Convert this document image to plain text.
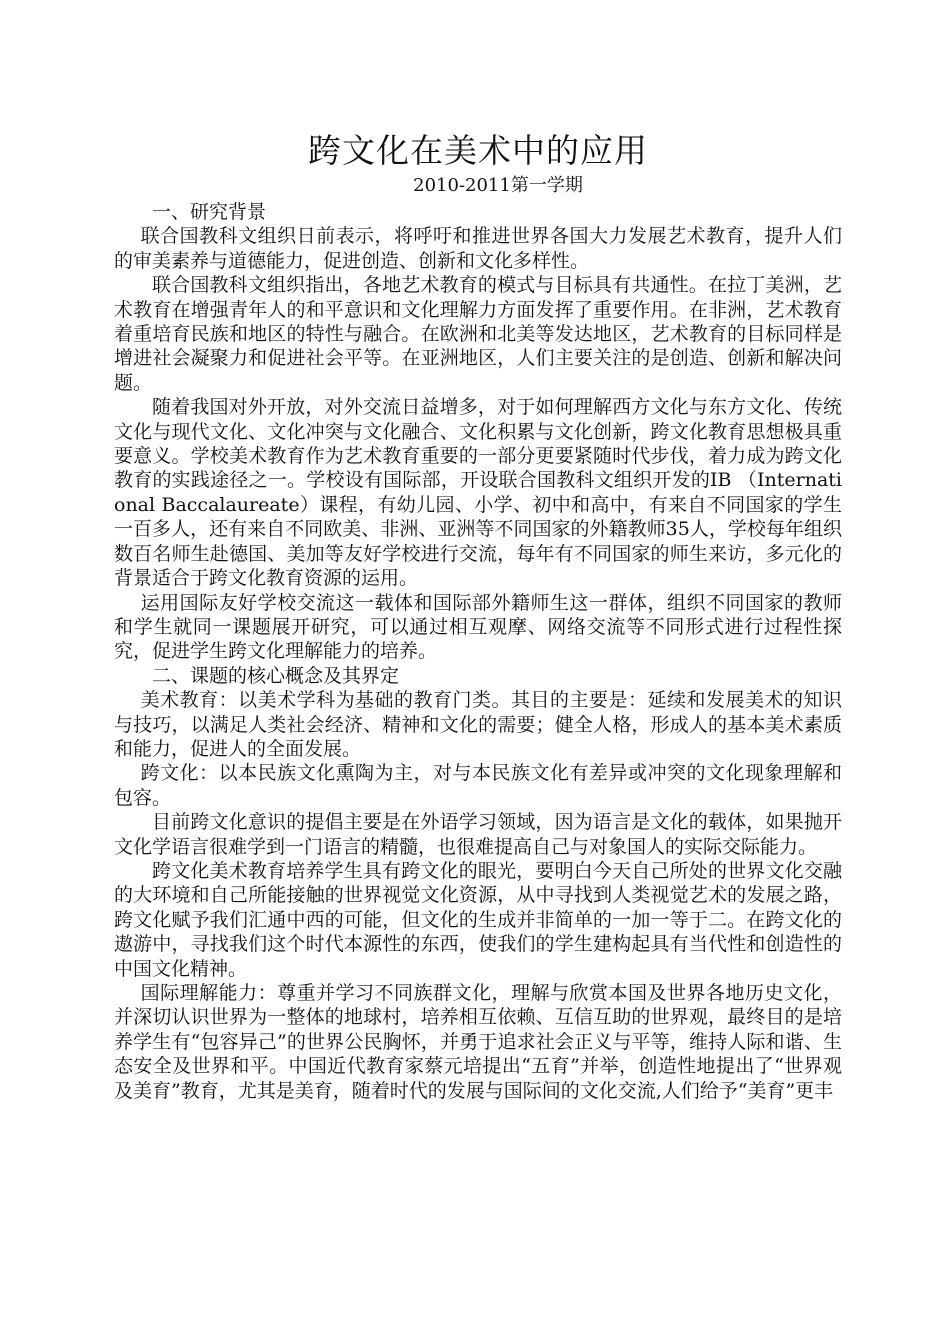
跨文化在美术中的应用

2010-2011第一学期

一、研究背景

联合国教科文组织日前表示，将呼吁和推进世界各国大力发展艺术教育，提升人们的审美素养与道德能力，促进创造、创新和文化多样性。

联合国教科文组织指出，各地艺术教育的模式与目标具有共通性。在拉丁美洲，艺术教育在增强青年人的和平意识和文化理解力方面发挥了重要作用。在非洲，艺术教育着重培育民族和地区的特性与融合。在欧洲和北美等发达地区，艺术教育的目标同样是增进社会凝聚力和促进社会平等。在亚洲地区，人们主要关注的是创造、创新和解决问题。

随着我国对外开放，对外交流日益增多，对于如何理解西方文化与东方文化、传统文化与现代文化、文化冲突与文化融合、文化积累与文化创新，跨文化教育思想极具重要意义。学校美术教育作为艺术教育重要的一部分更要紧随时代步伐，着力成为跨文化教育的实践途径之一。学校设有国际部，开设联合国教科文组织开发的IB （International Baccalaureate）课程，有幼儿园、小学、初中和高中，有来自不同国家的学生一百多人，还有来自不同欧美、非洲、亚洲等不同国家的外籍教师35人，学校每年组织数百名师生赴德国、美加等友好学校进行交流，每年有不同国家的师生来访，多元化的背景适合于跨文化教育资源的运用。

运用国际友好学校交流这一载体和国际部外籍师生这一群体，组织不同国家的教师和学生就同一课题展开研究，可以通过相互观摩、网络交流等不同形式进行过程性探究，促进学生跨文化理解能力的培养。

二、课题的核心概念及其界定

美术教育：以美术学科为基础的教育门类。其目的主要是：延续和发展美术的知识与技巧，以满足人类社会经济、精神和文化的需要；健全人格，形成人的基本美术素质和能力，促进人的全面发展。

跨文化：以本民族文化熏陶为主，对与本民族文化有差异或冲突的文化现象理解和包容。

目前跨文化意识的提倡主要是在外语学习领域，因为语言是文化的载体，如果抛开文化学语言很难学到一门语言的精髓，也很难提高自己与对象国人的实际交际能力。

跨文化美术教育培养学生具有跨文化的眼光，要明白今天自己所处的世界文化交融的大环境和自己所能接触的世界视觉文化资源，从中寻找到人类视觉艺术的发展之路，跨文化赋予我们汇通中西的可能，但文化的生成并非简单的一加一等于二。在跨文化的遨游中，寻找我们这个时代本源性的东西，使我们的学生建构起具有当代性和创造性的中国文化精神。

国际理解能力：尊重并学习不同族群文化，理解与欣赏本国及世界各地历史文化，并深切认识世界为一整体的地球村，培养相互依赖、互信互助的世界观，最终目的是培养学生有“包容异己”的世界公民胸怀，并勇于追求社会正义与平等，维持人际和谐、生态安全及世界和平。中国近代教育家蔡元培提出“五育”并举，创造性地提出了“世界观及美育”教育，尤其是美育，随着时代的发展与国际间的文化交流,人们给予“美育”更丰
